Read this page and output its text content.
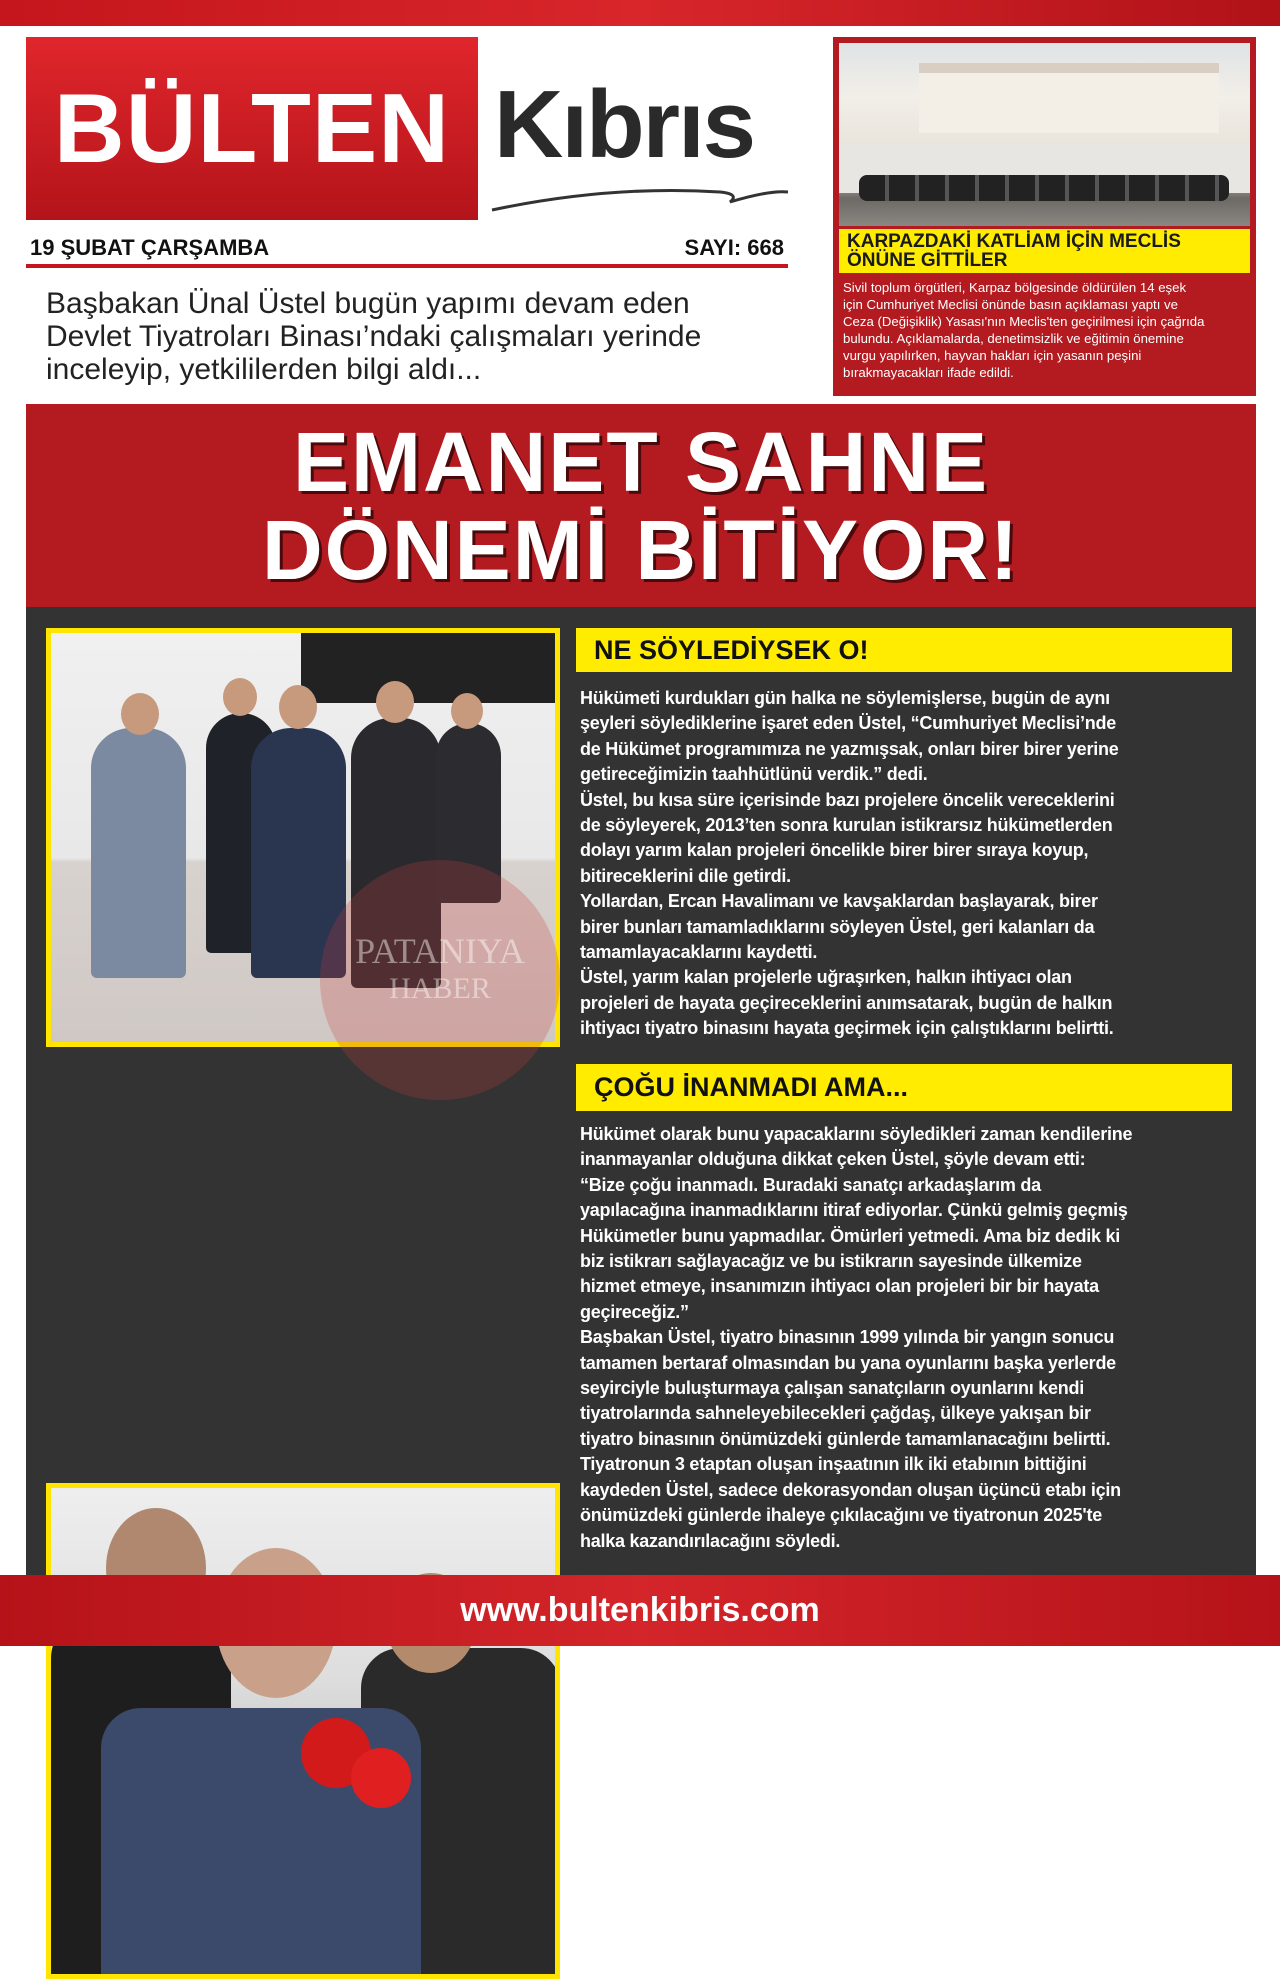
BÜLTEN Kıbrıs
19 ŞUBAT ÇARŞAMBA	SAYI: 668
Başbakan Ünal Üstel bugün yapımı devam eden
Devlet Tiyatroları Binası’ndaki çalışmaları yerinde
inceleyip, yetkililerden bilgi aldı...
KARPAZDAKİ KATLİAM İÇİN MECLİS
ÖNÜNE GİTTİLER
Sivil toplum örgütleri, Karpaz bölgesinde öldürülen 14 eşek
için Cumhuriyet Meclisi önünde basın açıklaması yaptı ve
Ceza (Değişiklik) Yasası'nın Meclis'ten geçirilmesi için çağrıda
bulundu. Açıklamalarda, denetimsizlik ve eğitimin önemine
vurgu yapılırken, hayvan hakları için yasanın peşini
bırakmayacakları ifade edildi.
EMANET SAHNE
DÖNEMİ BİTİYOR!
PATANIYA
HABER
NE SÖYLEDİYSEK O!
Hükümeti kurdukları gün halka ne söylemişlerse, bugün de aynı
şeyleri söylediklerine işaret eden Üstel, “Cumhuriyet Meclisi’nde
de Hükümet programımıza ne yazmışsak, onları birer birer yerine
getireceğimizin taahhütlünü verdik.” dedi.
Üstel, bu kısa süre içerisinde bazı projelere öncelik vereceklerini
de söyleyerek, 2013’ten sonra kurulan istikrarsız hükümetlerden
dolayı yarım kalan projeleri öncelikle birer birer sıraya koyup,
bitireceklerini dile getirdi.
Yollardan, Ercan Havalimanı ve kavşaklardan başlayarak, birer
birer bunları tamamladıklarını söyleyen Üstel, geri kalanları da
tamamlayacaklarını kaydetti.
Üstel, yarım kalan projelerle uğraşırken, halkın ihtiyacı olan
projeleri de hayata geçireceklerini anımsatarak, bugün de halkın
ihtiyacı tiyatro binasını hayata geçirmek için çalıştıklarını belirtti.
ÇOĞU İNANMADI AMA...
Hükümet olarak bunu yapacaklarını söyledikleri zaman kendilerine
inanmayanlar olduğuna dikkat çeken Üstel, şöyle devam etti:
“Bize çoğu inanmadı. Buradaki sanatçı arkadaşlarım da
yapılacağına inanmadıklarını itiraf ediyorlar. Çünkü gelmiş geçmiş
Hükümetler bunu yapmadılar. Ömürleri yetmedi. Ama biz dedik ki
biz istikrarı sağlayacağız ve bu istikrarın sayesinde ülkemize
hizmet etmeye, insanımızın ihtiyacı olan projeleri bir bir hayata
geçireceğiz.”
Başbakan Üstel, tiyatro binasının 1999 yılında bir yangın sonucu
tamamen bertaraf olmasından bu yana oyunlarını başka yerlerde
seyirciyle buluşturmaya çalışan sanatçıların oyunlarını kendi
tiyatrolarında sahneleyebilecekleri çağdaş, ülkeye yakışan bir
tiyatro binasının önümüzdeki günlerde tamamlanacağını belirtti.
Tiyatronun 3 etaptan oluşan inşaatının ilk iki etabının bittiğini
kaydeden Üstel, sadece dekorasyondan oluşan üçüncü etabı için
önümüzdeki günlerde ihaleye çıkılacağını ve tiyatronun 2025'te
halka kazandırılacağını söyledi.
www.bultenkibris.com
